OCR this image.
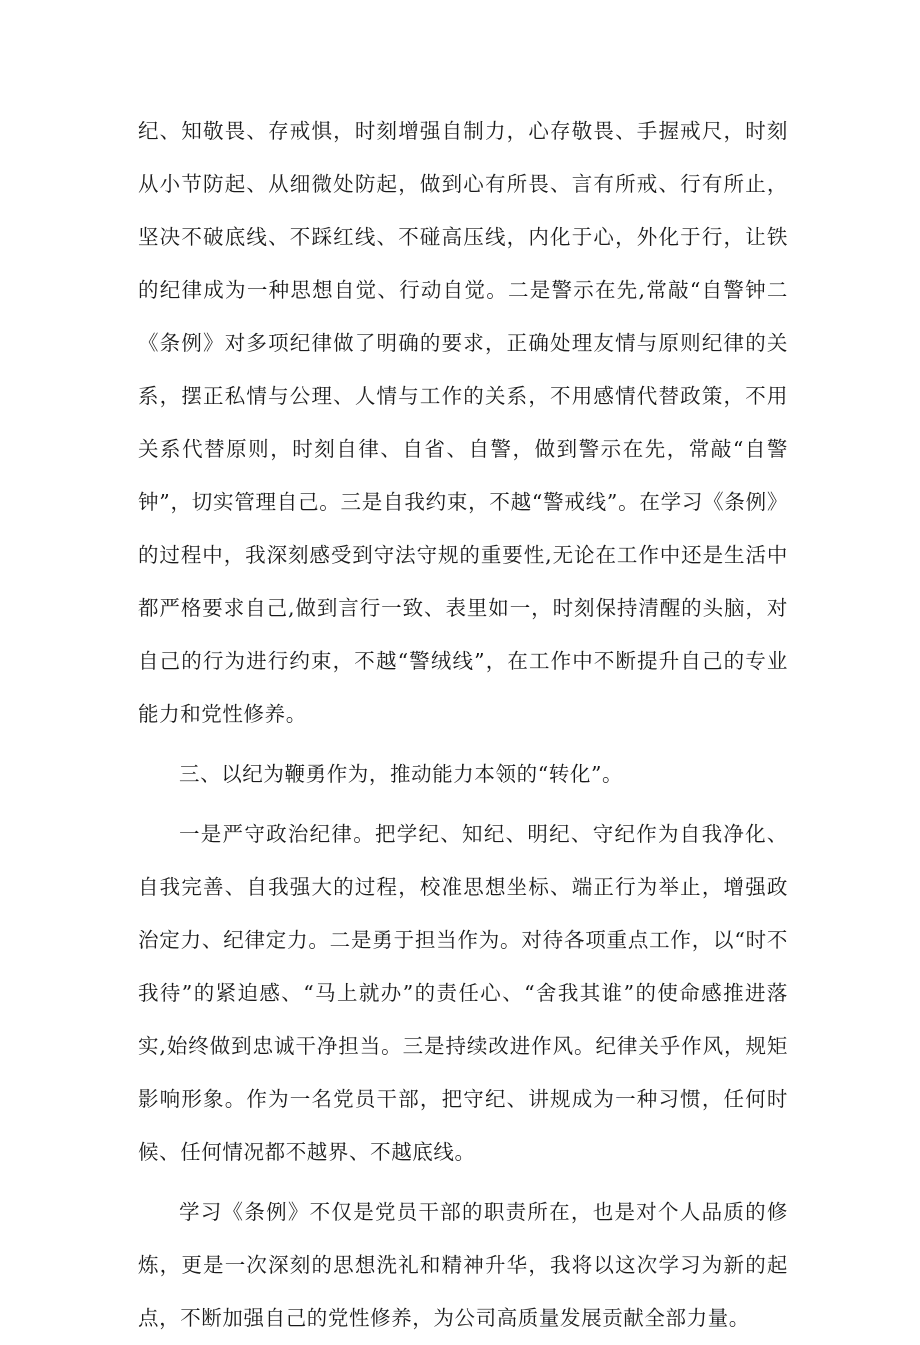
纪、知敬畏、存戒惧，时刻增强自制力，心存敬畏、手握戒尺，时刻从小节防起、从细微处防起，做到心有所畏、言有所戒、行有所止，坚决不破底线、不踩红线、不碰高压线，内化于心，外化于行，让铁的纪律成为一种思想自觉、行动自觉。二是警示在先,常敲“自警钟二《条例》对多项纪律做了明确的要求，正确处理友情与原则纪律的关系，摆正私情与公理、人情与工作的关系，不用感情代替政策，不用关系代替原则，时刻自律、自省、自警，做到警示在先，常敲“自警钟”，切实管理自己。三是自我约束，不越“警戒线”。在学习《条例》的过程中，我深刻感受到守法守规的重要性,无论在工作中还是生活中都严格要求自己,做到言行一致、表里如一，时刻保持清醒的头脑，对自己的行为进行约束，不越“警绒线”，在工作中不断提升自己的专业能力和党性修养。

三、以纪为鞭勇作为，推动能力本领的“转化”。

一是严守政治纪律。把学纪、知纪、明纪、守纪作为自我净化、自我完善、自我强大的过程，校准思想坐标、端正行为举止，增强政治定力、纪律定力。二是勇于担当作为。对待各项重点工作，以“时不我待”的紧迫感、“马上就办”的责任心、“舍我其谁”的使命感推进落实,始终做到忠诚干净担当。三是持续改进作风。纪律关乎作风，规矩影响形象。作为一名党员干部，把守纪、讲规成为一种习惯，任何时候、任何情况都不越界、不越底线。

学习《条例》不仅是党员干部的职责所在，也是对个人品质的修炼，更是一次深刻的思想洗礼和精神升华，我将以这次学习为新的起点，不断加强自己的党性修养，为公司高质量发展贡献全部力量。
